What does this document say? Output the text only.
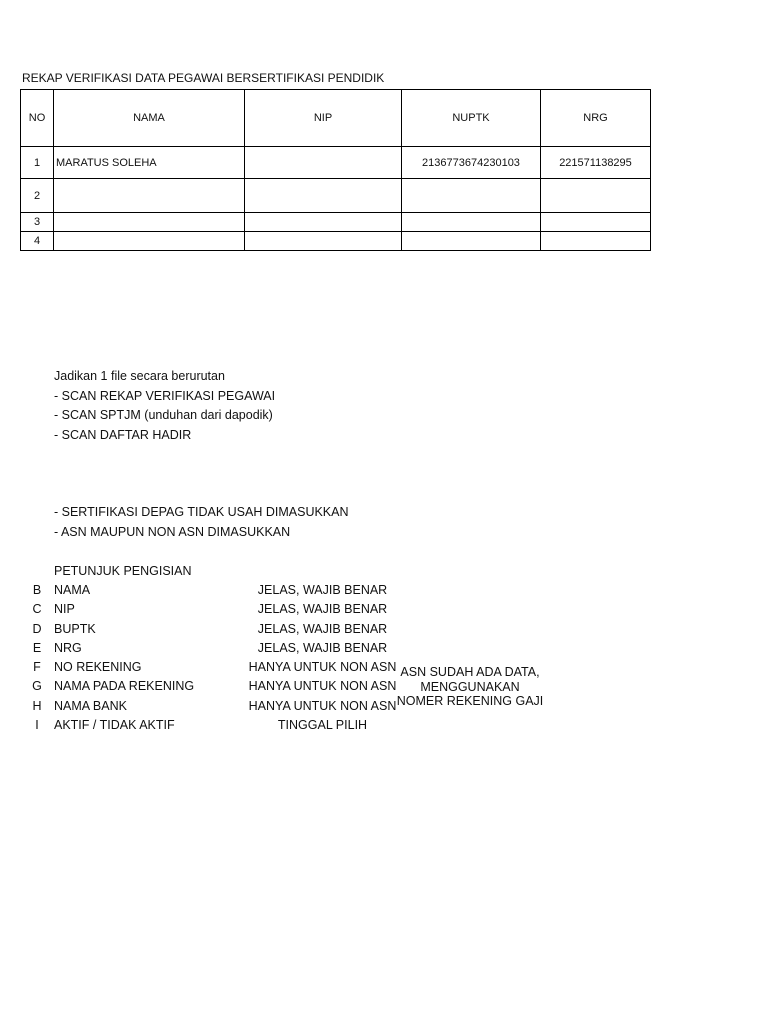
REKAP VERIFIKASI DATA PEGAWAI BERSERTIFIKASI PENDIDIK
NO	NAMA	NIP	NUPTK	NRG
1	MARATUS SOLEHA		2136773674230103	221571138295
2				
3				
4				
Jadikan 1 file secara berurutan
- SCAN REKAP VERIFIKASI PEGAWAI
- SCAN SPTJM (unduhan dari dapodik)
- SCAN DAFTAR HADIR
- SERTIFIKASI DEPAG TIDAK USAH DIMASUKKAN
- ASN MAUPUN NON ASN DIMASUKKAN
PETUNJUK PENGISIAN
B	NAMA	JELAS, WAJIB BENAR
C NIP	JELAS, WAJIB BENAR
D BUPTK	JELAS, WAJIB BENAR
E	NRG	JELAS, WAJIB BENAR
F	NO REKENING	HANYA UNTUK NON ASN
G NAMA PADA REKENING	HANYA UNTUK NON ASN
H NAMA BANK	HANYA UNTUK NON ASN
I	AKTIF / TIDAK AKTIF	TINGGAL PILIH
ASN SUDAH ADA DATA,
MENGGUNAKAN
NOMER REKENING GAJI
